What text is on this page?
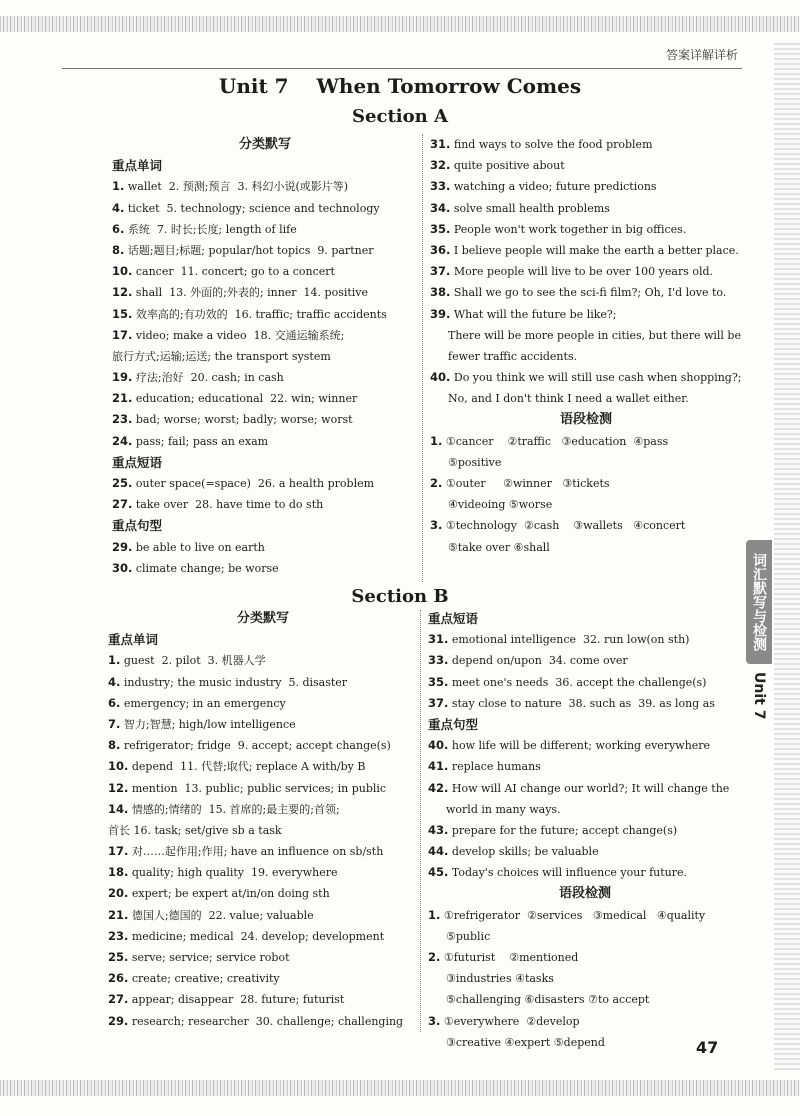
答案详解详析
Unit 7    When Tomorrow Comes
Section A
分类默写
重点单词
1. wallet  2. 预测;预言  3. 科幻小说(或影片等)
4. ticket  5. technology; science and technology
6. 系统  7. 时长;长度; length of life
8. 话题;题目;标题; popular/hot topics  9. partner
10. cancer  11. concert; go to a concert
12. shall  13. 外面的;外表的; inner  14. positive
15. 效率高的;有功效的  16. traffic; traffic accidents
17. video; make a video  18. 交通运输系统;
旅行方式;运输;运送; the transport system
19. 疗法;治好  20. cash; in cash
21. education; educational  22. win; winner
23. bad; worse; worst; badly; worse; worst
24. pass; fail; pass an exam
重点短语
25. outer space(=space)  26. a health problem
27. take over  28. have time to do sth
重点句型
29. be able to live on earth
30. climate change; be worse
31. find ways to solve the food problem
32. quite positive about
33. watching a video; future predictions
34. solve small health problems
35. People won't work together in big offices.
36. I believe people will make the earth a better place.
37. More people will live to be over 100 years old.
38. Shall we go to see the sci-fi film?; Oh, I'd love to.
39. What will the future be like?;
There will be more people in cities, but there will be
fewer traffic accidents.
40. Do you think we will still use cash when shopping?;
No, and I don't think I need a wallet either.
语段检测
1. ①cancer    ②traffic   ③education  ④pass
⑤positive
2. ①outer     ②winner   ③tickets
④videoing ⑤worse
3. ①technology  ②cash    ③wallets   ④concert
⑤take over ⑥shall
Section B
分类默写
重点单词
1. guest  2. pilot  3. 机器人学
4. industry; the music industry  5. disaster
6. emergency; in an emergency
7. 智力;智慧; high/low intelligence
8. refrigerator; fridge  9. accept; accept change(s)
10. depend  11. 代替;取代; replace A with/by B
12. mention  13. public; public services; in public
14. 情感的;情绪的  15. 首席的;最主要的;首领;
首长 16. task; set/give sb a task
17. 对……起作用;作用; have an influence on sb/sth
18. quality; high quality  19. everywhere
20. expert; be expert at/in/on doing sth
21. 德国人;德国的  22. value; valuable
23. medicine; medical  24. develop; development
25. serve; service; service robot
26. create; creative; creativity
27. appear; disappear  28. future; futurist
29. research; researcher  30. challenge; challenging
重点短语
31. emotional intelligence  32. run low(on sth)
33. depend on/upon  34. come over
35. meet one's needs  36. accept the challenge(s)
37. stay close to nature  38. such as  39. as long as
重点句型
40. how life will be different; working everywhere
41. replace humans
42. How will AI change our world?; It will change the
world in many ways.
43. prepare for the future; accept change(s)
44. develop skills; be valuable
45. Today's choices will influence your future.
语段检测
1. ①refrigerator  ②services   ③medical   ④quality
⑤public
2. ①futurist    ②mentioned
③industries ④tasks
⑤challenging ⑥disasters ⑦to accept
3. ①everywhere  ②develop
③creative ④expert ⑤depend
词汇默写与检测
Unit 7
47
